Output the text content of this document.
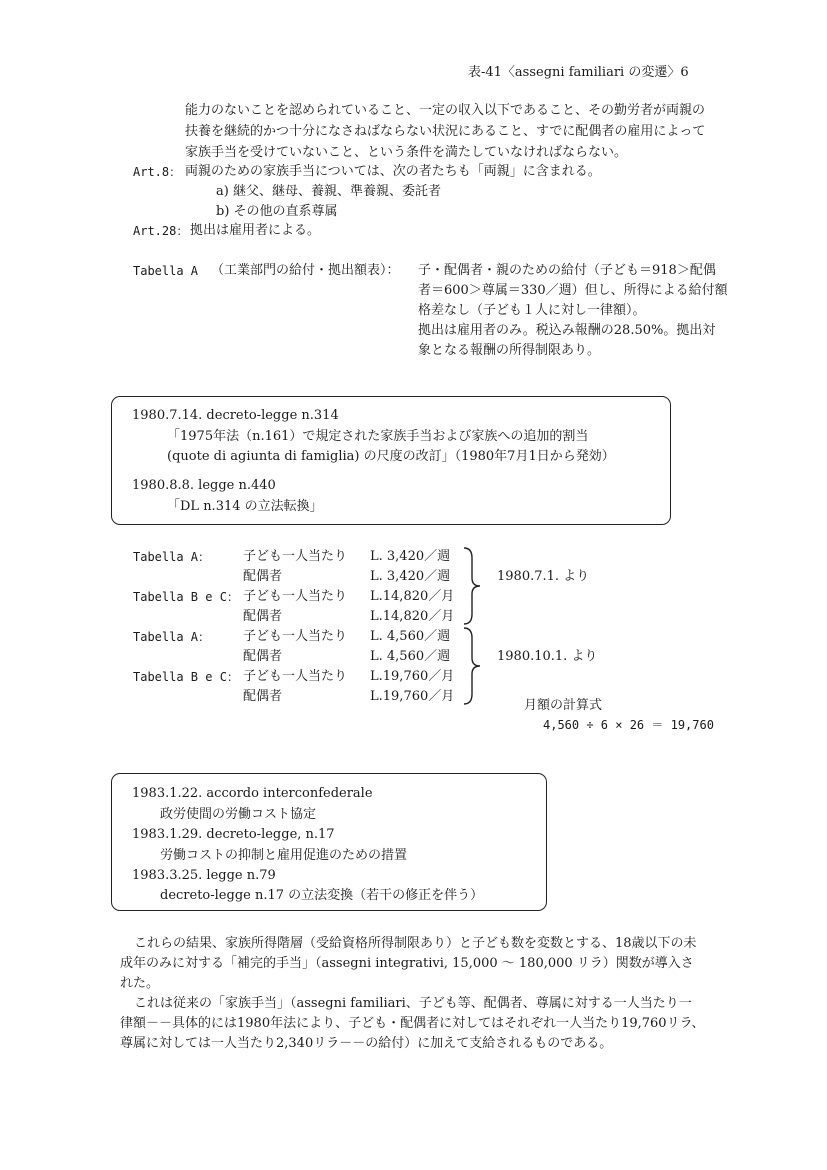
表-41〈assegni familiari の変遷〉6
能力のないことを認められていること、一定の収入以下であること、その勤労者が両親の
扶養を継続的かつ十分になさねばならない状況にあること、すでに配偶者の雇用によって
家族手当を受けていないこと、という条件を満たしていなければならない。
Art.8： 両親のための家族手当については、次の者たちも「両親」に含まれる。
a) 継父、継母、養親、準養親、委託者
b) その他の直系尊属
Art.28： 拠出は雇用者による。
Tabella A （工業部門の給付・拠出額表）： 子・配偶者・親のための給付（子ども＝918＞配偶
者＝600＞尊属＝330／週）但し、所得による給付額
格差なし（子ども１人に対し一律額）。
拠出は雇用者のみ。税込み報酬の28.50%。拠出対
象となる報酬の所得制限あり。
1980.7.14. decreto-legge n.314
「1975年法（n.161）で規定された家族手当および家族への追加的割当
(quote di agiunta di famiglia) の尺度の改訂」（1980年7月1日から発効）
1980.8.8. legge n.440
「DL n.314 の立法転換」
Tabella A：	子ども一人当たり L. 3,420／週
配偶者	L. 3,420／週
Tabella B e C： 子ども一人当たり L.14,820／月
配偶者	L.14,820／月
Tabella A：	子ども一人当たり L. 4,560／週
配偶者	L. 4,560／週
Tabella B e C： 子ども一人当たり L.19,760／月
配偶者	L.19,760／月
1980.7.1. より
1980.10.1. より
月額の計算式
4,560 ÷ 6 × 26 ＝ 19,760
1983.1.22. accordo interconfederale
政労使間の労働コスト協定
1983.1.29. decreto-legge, n.17
労働コストの抑制と雇用促進のための措置
1983.3.25. legge n.79
decreto-legge n.17 の立法変換（若干の修正を伴う）
これらの結果、家族所得階層（受給資格所得制限あり）と子ども数を変数とする、18歳以下の未
成年のみに対する「補完的手当」（assegni integrativi, 15,000 ～ 180,000 リラ）関数が導入さ
れた。
これは従来の「家族手当」（assegni familiari、子ども等、配偶者、尊属に対する一人当たり一
律額－－具体的には1980年法により、子ども・配偶者に対してはそれぞれ一人当たり19,760リラ、
尊属に対しては一人当たり2,340リラ－－の給付）に加えて支給されるものである。
